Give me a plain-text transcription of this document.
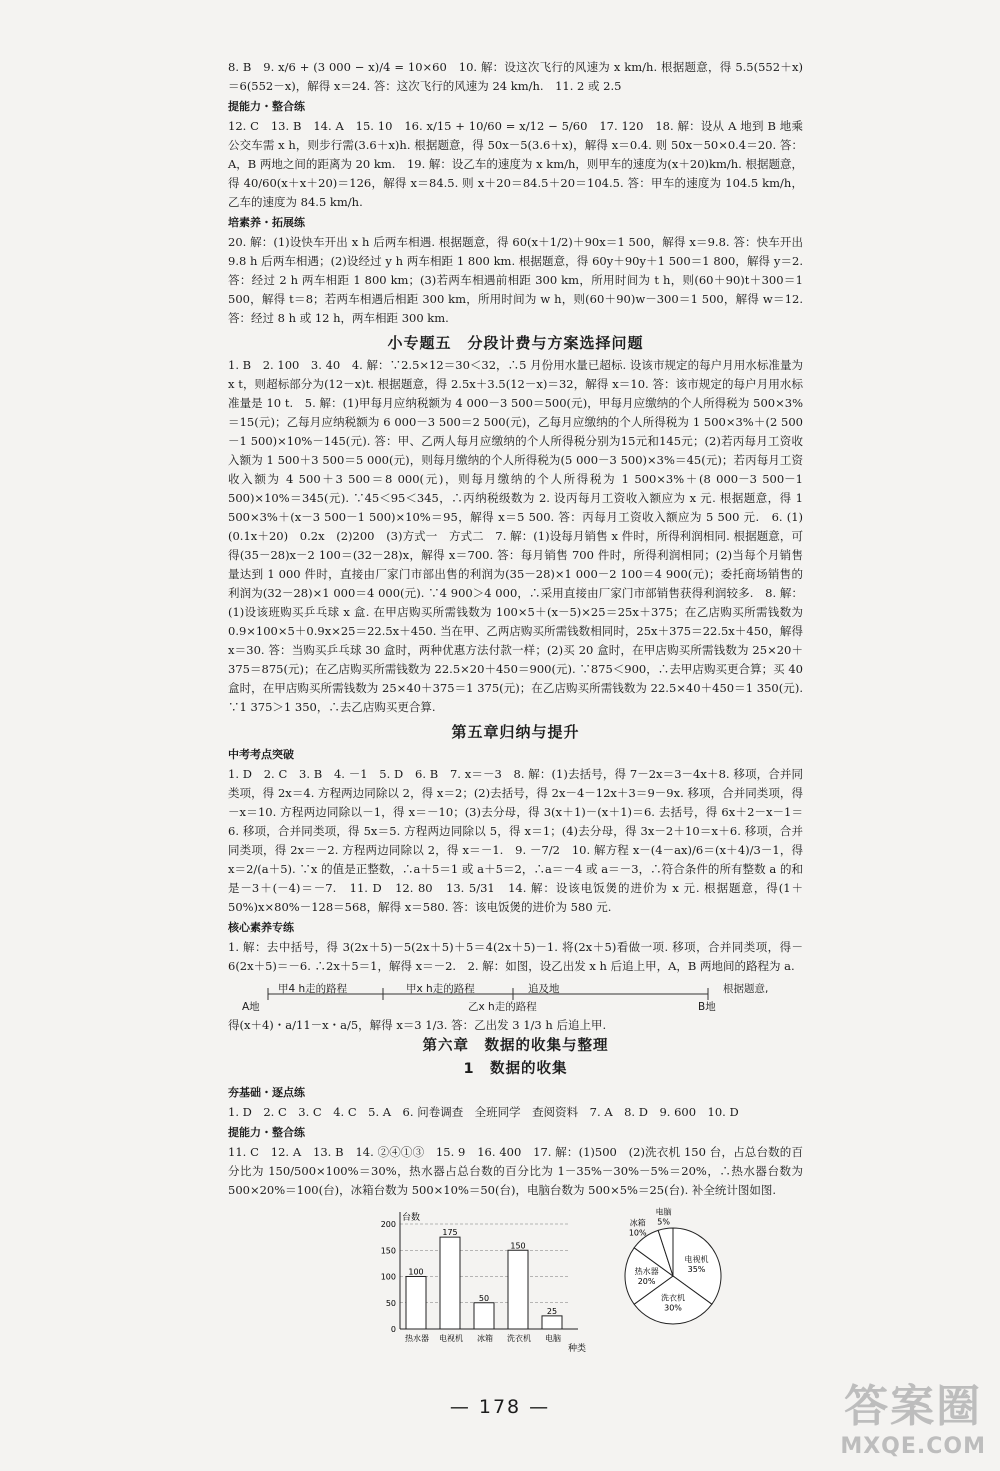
8. B　9. x/6 + (3 000 − x)/4 = 10×60　10. 解：设这次飞行的风速为 x km/h. 根据题意，得 5.5(552＋x)＝6(552－x)，解得 x＝24. 答：这次飞行的风速为 24 km/h.　11. 2 或 2.5

提能力・整合练

12. C　13. B　14. A　15. 10　16. x/15 + 10/60 = x/12 − 5/60　17. 120　18. 解：设从 A 地到 B 地乘公交车需 x h，则步行需(3.6＋x)h. 根据题意，得 50x－5(3.6＋x)，解得 x＝0.4. 则 50x－50×0.4＝20. 答：A，B 两地之间的距离为 20 km.　19. 解：设乙车的速度为 x km/h，则甲车的速度为(x＋20)km/h. 根据题意，得 40/60(x＋x＋20)＝126，解得 x＝84.5. 则 x＋20＝84.5＋20＝104.5. 答：甲车的速度为 104.5 km/h，乙车的速度为 84.5 km/h.

培素养・拓展练

20. 解：(1)设快车开出 x h 后两车相遇. 根据题意，得 60(x＋1/2)＋90x＝1 500，解得 x＝9.8. 答：快车开出 9.8 h 后两车相遇；(2)设经过 y h 两车相距 1 800 km. 根据题意，得 60y＋90y＋1 500＝1 800，解得 y＝2. 答：经过 2 h 两车相距 1 800 km；(3)若两车相遇前相距 300 km，所用时间为 t h，则(60＋90)t＋300＝1 500，解得 t＝8；若两车相遇后相距 300 km，所用时间为 w h，则(60＋90)w－300＝1 500，解得 w＝12. 答：经过 8 h 或 12 h，两车相距 300 km.

小专题五　分段计费与方案选择问题

1. B　2. 100　3. 40　4. 解：∵2.5×12＝30＜32，∴5 月份用水量已超标. 设该市规定的每户月用水标准量为 x t，则超标部分为(12－x)t. 根据题意，得 2.5x＋3.5(12－x)＝32，解得 x＝10. 答：该市规定的每户月用水标准量是 10 t.　5. 解：(1)甲每月应纳税额为 4 000－3 500＝500(元)，甲每月应缴纳的个人所得税为 500×3%＝15(元)；乙每月应纳税额为 6 000－3 500＝2 500(元)，乙每月应缴纳的个人所得税为 1 500×3%＋(2 500－1 500)×10%－145(元). 答：甲、乙两人每月应缴纳的个人所得税分别为15元和145元；(2)若丙每月工资收入额为 1 500＋3 500＝5 000(元)，则每月缴纳的个人所得税为(5 000－3 500)×3%＝45(元)；若丙每月工资收入额为 4 500＋3 500＝8 000(元)，则每月缴纳的个人所得税为 1 500×3%＋(8 000－3 500－1 500)×10%＝345(元). ∵45＜95＜345，∴丙纳税级数为 2. 设丙每月工资收入额应为 x 元. 根据题意，得 1 500×3%＋(x－3 500－1 500)×10%＝95，解得 x＝5 500. 答：丙每月工资收入额应为 5 500 元.　6. (1)(0.1x＋20)　0.2x　(2)200　(3)方式一　方式二　7. 解：(1)设每月销售 x 件时，所得利润相同. 根据题意，可得(35－28)x－2 100＝(32－28)x，解得 x＝700. 答：每月销售 700 件时，所得利润相同；(2)当每个月销售量达到 1 000 件时，直接由厂家门市部出售的利润为(35－28)×1 000－2 100＝4 900(元)；委托商场销售的利润为(32－28)×1 000＝4 000(元). ∵4 900＞4 000，∴采用直接由厂家门市部销售获得利润较多.　8. 解：(1)设该班购买乒乓球 x 盒. 在甲店购买所需钱数为 100×5＋(x－5)×25＝25x＋375；在乙店购买所需钱数为 0.9×100×5＋0.9x×25＝22.5x＋450. 当在甲、乙两店购买所需钱数相同时，25x＋375＝22.5x＋450，解得 x＝30. 答：当购买乒乓球 30 盒时，两种优惠方法付款一样；(2)买 20 盒时，在甲店购买所需钱数为 25×20＋375＝875(元)；在乙店购买所需钱数为 22.5×20＋450＝900(元). ∵875＜900，∴去甲店购买更合算；买 40 盒时，在甲店购买所需钱数为 25×40＋375＝1 375(元)；在乙店购买所需钱数为 22.5×40＋450＝1 350(元). ∵1 375＞1 350，∴去乙店购买更合算.

第五章归纳与提升
中考考点突破

1. D　2. C　3. B　4. －1　5. D　6. B　7. x＝－3　8. 解：(1)去括号，得 7－2x＝3－4x＋8. 移项，合并同类项，得 2x＝4. 方程两边同除以 2，得 x＝2；(2)去括号，得 2x－4－12x＋3＝9－9x. 移项，合并同类项，得－x＝10. 方程两边同除以－1，得 x＝－10；(3)去分母，得 3(x＋1)－(x＋1)＝6. 去括号，得 6x＋2－x－1＝6. 移项，合并同类项，得 5x＝5. 方程两边同除以 5，得 x＝1；(4)去分母，得 3x－2＋10＝x＋6. 移项，合并同类项，得 2x＝－2. 方程两边同除以 2，得 x＝－1.　9. －7/2　10. 解方程 x－(4－ax)/6＝(x＋4)/3－1，得 x＝2/(a＋5). ∵x 的值是正整数，∴a＋5＝1 或 a＋5＝2，∴a＝－4 或 a＝－3，∴符合条件的所有整数 a 的和是－3＋(－4)＝－7.　11. D　12. 80　13. 5/31　14. 解：设该电饭煲的进价为 x 元. 根据题意，得(1＋50%)x×80%－128＝568，解得 x＝580. 答：该电饭煲的进价为 580 元.

核心素养专练

1. 解：去中括号，得 3(2x＋5)－5(2x＋5)＋5＝4(2x＋5)－1. 将(2x＋5)看做一项. 移项，合并同类项，得－6(2x＋5)＝－6. ∴2x＋5＝1，解得 x＝－2.　2. 解：如图，设乙出发 x h 后追上甲，A，B 两地间的路程为 a.

甲4 h走的路程	甲x h走的路程	追及地	根据题意,
A地	乙x h走的路程	B地

得(x＋4)・a/11－x・a/5，解得 x＝3 1/3. 答：乙出发 3 1/3 h 后追上甲.

第六章　数据的收集与整理
1　数据的收集
夯基础・逐点练

1. D　2. C　3. C　4. C　5. A　6. 问卷调查　全班同学　查阅资料　7. A　8. D　9. 600　10. D

提能力・整合练

11. C　12. A　13. B　14. ②④①③　15. 9　16. 400　17. 解：(1)500　(2)洗衣机 150 台，占总台数的百分比为 150/500×100%＝30%，热水器占总台数的百分比为 1－35%－30%－5%＝20%，∴热水器台数为 500×20%＝100(台)，冰箱台数为 500×10%＝50(台)，电脑台数为 500×5%＝25(台). 补全统计图如图.

0
50
100
150
200
台数
种类
100
热水器
175
电视机
50
冰箱
150
洗衣机
25
电脑
电视机
35%
洗衣机
30%
热水器
20%
冰箱
10%
电脑
5%
— 178 —	答案圈
MXQE.COM
